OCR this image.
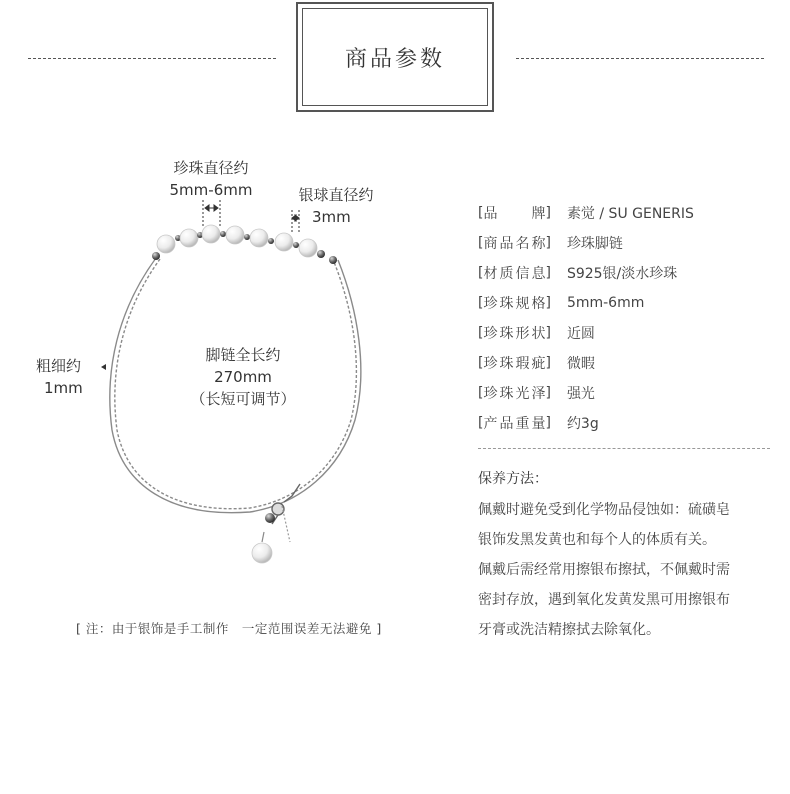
商品参数
珍珠直径约
5mm-6mm	银球直径约
3mm
粗细约
1mm
脚链全长约
270mm
（长短可调节）
[ 品　　牌 ] 素觉 / SU GENERIS
[ 商品名称 ] 珍珠脚链
[ 材质信息 ] S925银/淡水珍珠
[ 珍珠规格 ] 5mm-6mm
[ 珍珠形状 ] 近圆
[ 珍珠瑕疵 ] 微暇
[ 珍珠光泽 ] 强光
[ 产品重量 ] 约3g
保养方法：
佩戴时避免受到化学物品侵蚀如：硫磺皂
银饰发黑发黄也和每个人的体质有关。
佩戴后需经常用擦银布擦拭，不佩戴时需
密封存放，遇到氧化发黄发黑可用擦银布
牙膏或洗洁精擦拭去除氧化。
[ 注：由于银饰是手工制作　一定范围误差无法避免 ]
